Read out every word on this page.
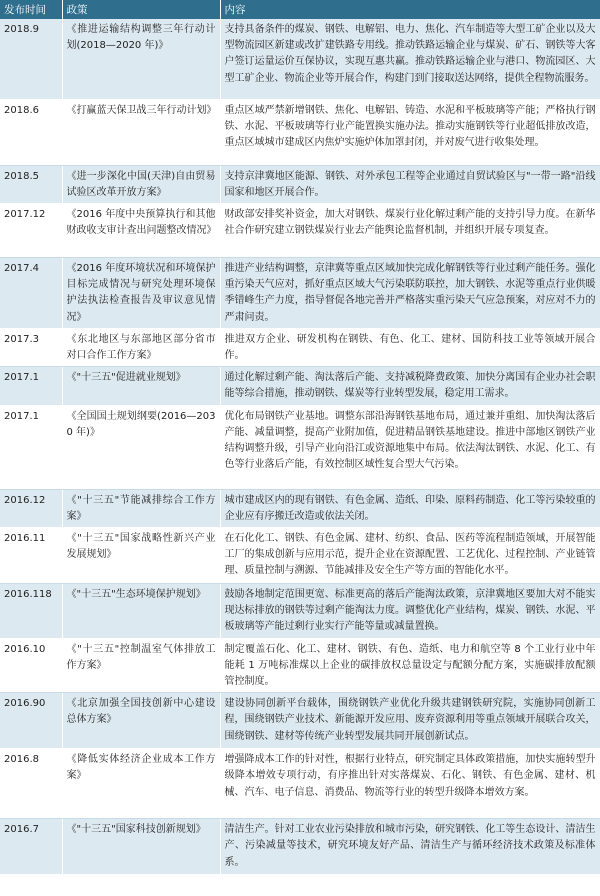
发布时间	政策	内容
2018.9	《推进运输结构调整三年行动计划(2018—2020 年)》	支持具备条件的煤炭、钢铁、电解铝、电力、焦化、汽车制造等大型工矿企业以及大型物流园区新建或改扩建铁路专用线。推动铁路运输企业与煤炭、矿石、钢铁等大客户签订运量运价互保协议，实现互惠共赢。推动铁路运输企业与港口、物流园区、大型工矿企业、物流企业等开展合作，构建门到门接取送达网络，提供全程物流服务。
2018.6	《打赢蓝天保卫战三年行动计划》	重点区域严禁新增钢铁、焦化、电解铝、铸造、水泥和平板玻璃等产能；严格执行钢铁、水泥、平板玻璃等行业产能置换实施办法。推动实施钢铁等行业超低排放改造，重点区域城市建成区内焦炉实施炉体加罩封闭，并对废气进行收集处理。
2018.5	《进一步深化中国(天津)自由贸易试验区改革开放方案》	支持京津冀地区能源、钢铁、对外承包工程等企业通过自贸试验区与"一带一路"沿线国家和地区开展合作。
2017.12	《2016 年度中央预算执行和其他财政收支审计查出问题整改情况》	财政部安排奖补资金，加大对钢铁、煤炭行业化解过剩产能的支持引导力度。在新华社合作研究建立钢铁煤炭行业去产能舆论监督机制，并组织开展专项复查。
2017.4	《2016 年度环境状况和环境保护目标完成情况与研究处理环境保护法执法检查报告及审议意见情况》	推进产业结构调整，京津冀等重点区域加快完成化解钢铁等行业过剩产能任务。强化重污染天气应对，抓好重点区域大气污染联防联控，加大钢铁、水泥等重点行业供暖季错峰生产力度，指导督促各地完善并严格落实重污染天气应急预案，对应对不力的严肃问责。
2017.3	《东北地区与东部地区部分省市对口合作工作方案》	推进双方企业、研发机构在钢铁、有色、化工、建材、国防科技工业等领域开展合作。
2017.1	《"十三五"促进就业规划》	通过化解过剩产能、淘汰落后产能、支持减税降费政策、加快分离国有企业办社会职能等综合措施，推动钢铁、煤炭等行业转型发展，稳定用工需求。
2017.1	《全国国土规划纲要(2016—2030 年)》	优化布局钢铁产业基地。调整东部沿海钢铁基地布局，通过兼并重组、加快淘汰落后产能、减量调整，提高产业附加值，促进精品钢铁基地建设。推进中部地区钢铁产业结构调整升级，引导产业向沿江或资源地集中布局。依法淘汰钢铁、水泥、化工、有色等行业落后产能，有效控制区域性复合型大气污染。
2016.12	《"十三五"节能减排综合工作方案》	城市建成区内的现有钢铁、有色金属、造纸、印染、原料药制造、化工等污染较重的企业应有序搬迁改造或依法关闭。
2016.11	《"十三五"国家战略性新兴产业发展规划》	在石化化工、钢铁、有色金属、建材、纺织、食品、医药等流程制造领域，开展智能工厂的集成创新与应用示范，提升企业在资源配置、工艺优化、过程控制、产业链管理、质量控制与溯源、节能减排及安全生产等方面的智能化水平。
2016.118	《"十三五"生态环境保护规划》	鼓励各地制定范围更宽、标准更高的落后产能淘汰政策，京津冀地区要加大对不能实现达标排放的钢铁等过剩产能淘汰力度。调整优化产业结构，煤炭、钢铁、水泥、平板玻璃等产能过剩行业实行产能等量或减量置换。
2016.10	《"十三五"控制温室气体排放工作方案》	制定覆盖石化、化工、建材、钢铁、有色、造纸、电力和航空等 8 个工业行业中年能耗 1 万吨标准煤以上企业的碳排放权总量设定与配额分配方案，实施碳排放配额管控制度。
2016.90	《北京加强全国技创新中心建设总体方案》	建设协同创新平台载体，围绕钢铁产业优化升级共建钢铁研究院，实施协同创新工程，围绕钢铁产业技术、新能源开发应用、废弃资源利用等重点领域开展联合攻关，围绕钢铁、建材等传统产业转型发展共同开展创新试点。
2016.8	《降低实体经济企业成本工作方案》	增强降成本工作的针对性，根据行业特点，研究制定具体政策措施，加快实施转型升级降本增效专项行动，有序推出针对实落煤炭、石化、钢铁、有色金属、建材、机械、汽车、电子信息、消费品、物流等行业的转型升级降本增效方案。
2016.7	《"十三五"国家科技创新规划》	清洁生产。针对工业农业污染排放和城市污染，研究钢铁、化工等生态设计、清洁生产、污染减量等技术，研究环境友好产品、清洁生产与循环经济技术政策及标准体系。
